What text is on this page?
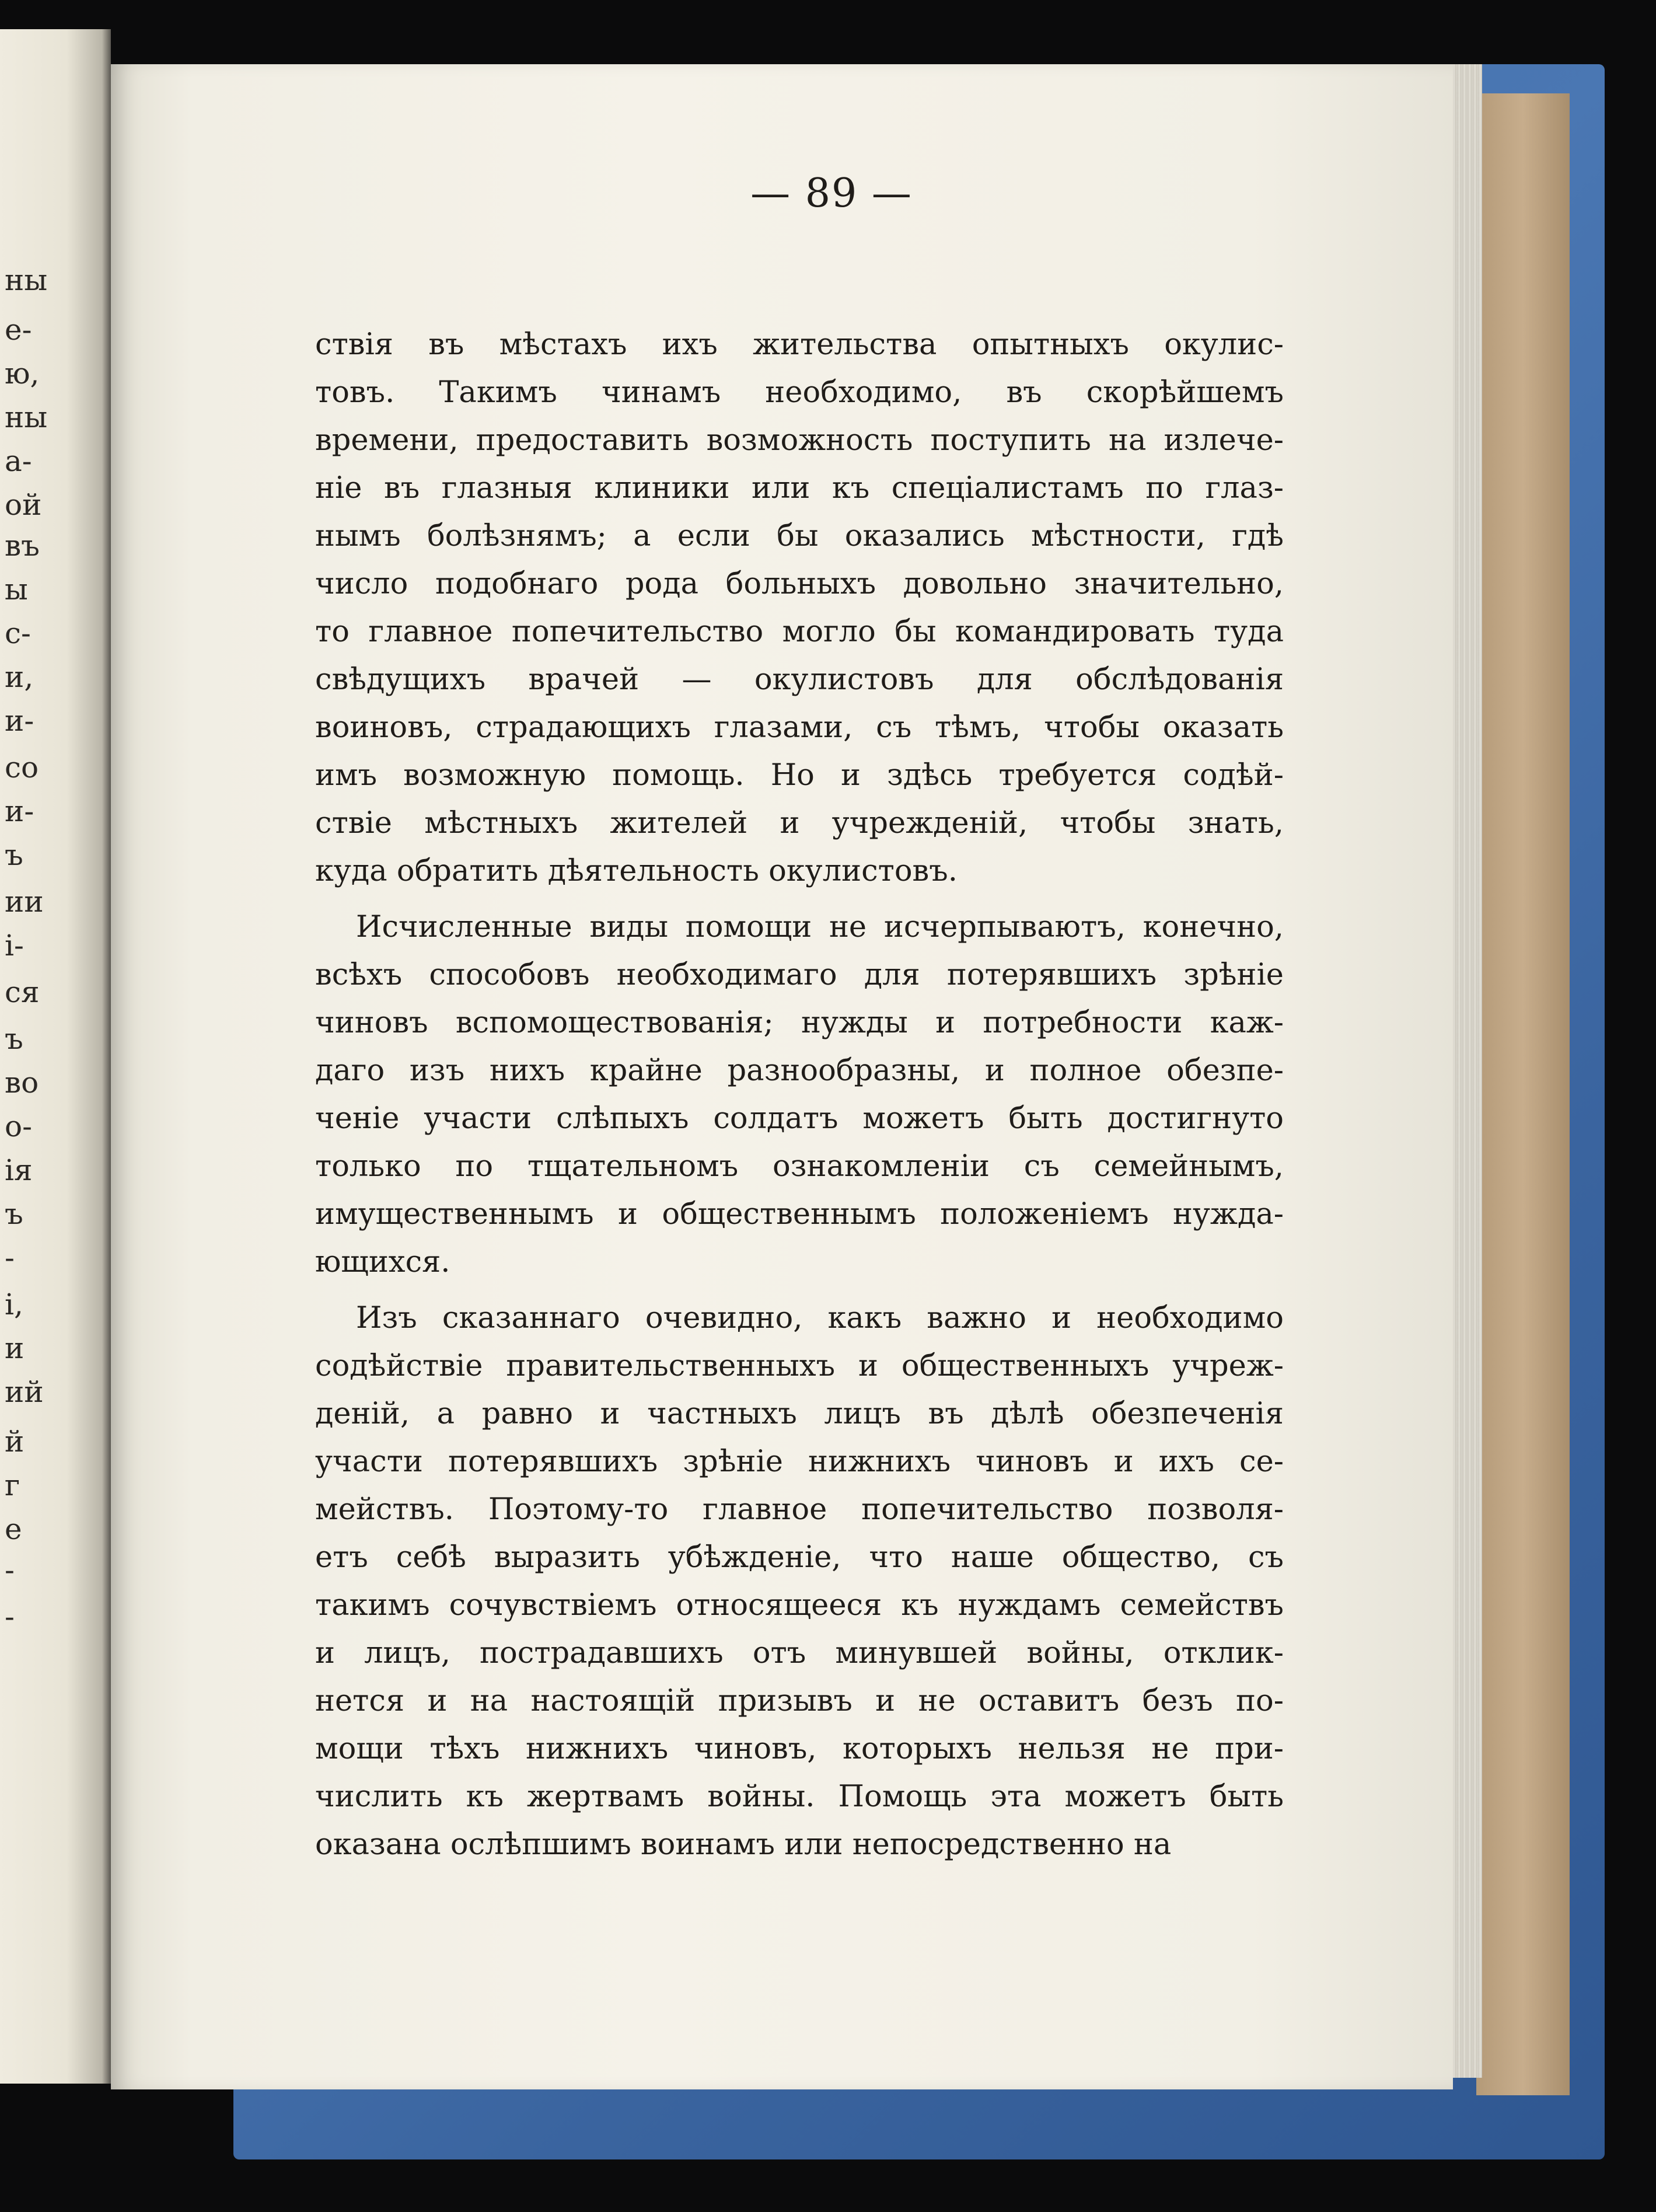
ны
е-
ю,
ны
а-
ой
въ
ы
с-
и,
и-
со
и-
ъ
ии
і-
ся
ъ
во
о-
ія
ъ
-
і,
и
ий
й
г
е
-
-
— 89 —
ствія въ мѣстахъ ихъ жительства опытныхъ окулис-
товъ. Такимъ чинамъ необходимо, въ скорѣйшемъ
времени, предоставить возможность поступить на излече-
ніе въ глазныя клиники или къ спеціалистамъ по глаз-
нымъ болѣзнямъ; а если бы оказались мѣстности, гдѣ
число подобнаго рода больныхъ довольно значительно,
то главное попечительство могло бы командировать туда
свѣдущихъ врачей — окулистовъ для обслѣдованія
воиновъ, страдающихъ глазами, съ тѣмъ, чтобы оказать
имъ возможную помощь. Но и здѣсь требуется содѣй-
ствіе мѣстныхъ жителей и учрежденій, чтобы знать,
куда обратить дѣятельность окулистовъ.
Исчисленные виды помощи не исчерпываютъ, конечно,
всѣхъ способовъ необходимаго для потерявшихъ зрѣніе
чиновъ вспомоществованія; нужды и потребности каж-
даго изъ нихъ крайне разнообразны, и полное обезпе-
ченіе участи слѣпыхъ солдатъ можетъ быть достигнуто
только по тщательномъ ознакомленіи съ семейнымъ,
имущественнымъ и общественнымъ положеніемъ нужда-
ющихся.
Изъ сказаннаго очевидно, какъ важно и необходимо
содѣйствіе правительственныхъ и общественныхъ учреж-
деній, а равно и частныхъ лицъ въ дѣлѣ обезпеченія
участи потерявшихъ зрѣніе нижнихъ чиновъ и ихъ се-
мействъ. Поэтому-то главное попечительство позволя-
етъ себѣ выразить убѣжденіе, что наше общество, съ
такимъ сочувствіемъ относящееся къ нуждамъ семействъ
и лицъ, пострадавшихъ отъ минувшей войны, отклик-
нется и на настоящій призывъ и не оставитъ безъ по-
мощи тѣхъ нижнихъ чиновъ, которыхъ нельзя не при-
числить къ жертвамъ войны. Помощь эта можетъ быть
оказана ослѣпшимъ воинамъ или непосредственно на
